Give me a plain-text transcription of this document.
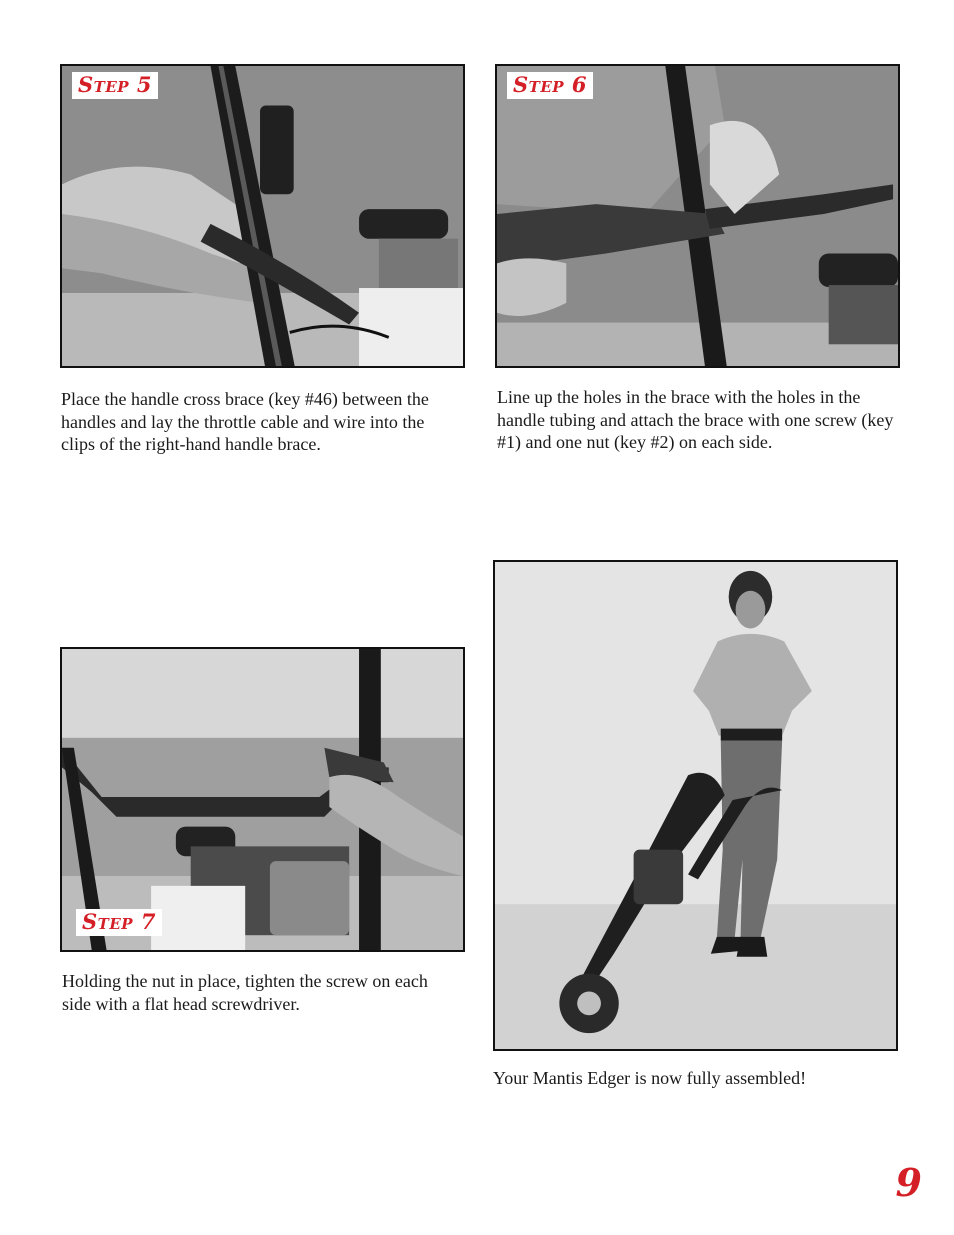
Step 5	Step 6

Place the handle cross brace (key #46) between the handles and lay the throttle cable and wire into the clips of the right-hand handle brace.

Line up the holes in the brace with the holes in the handle tubing and attach the brace with one screw (key #1) and one nut (key #2) on each side.

Step 7

Holding the nut in place, tighten the screw on each side with a flat head screwdriver.

Your Mantis Edger is now fully assembled!

9
